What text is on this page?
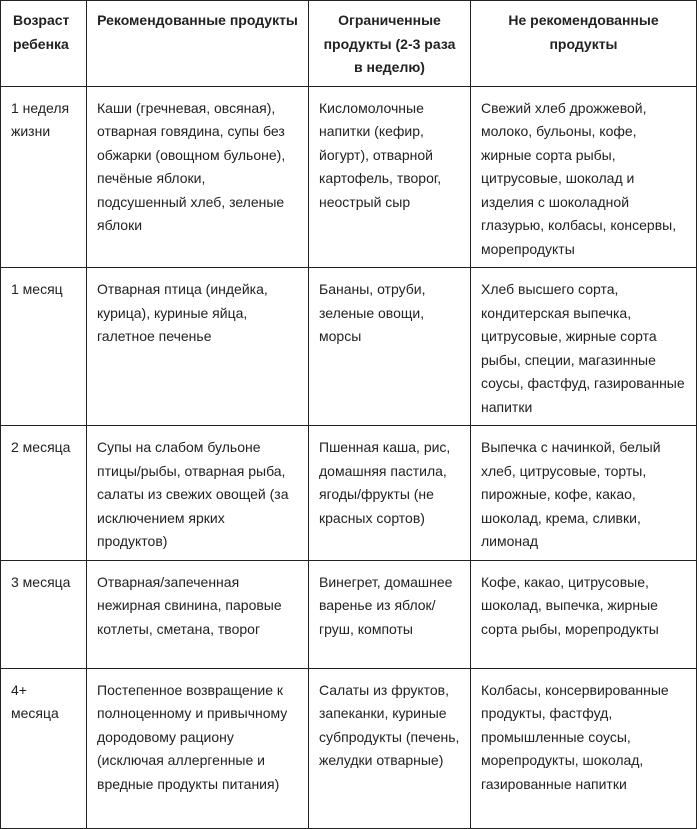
Возраст ребенка	Рекомендованные продукты	Ограниченные продукты (2-3 раза в неделю)	Не рекомендованные продукты
1 неделя жизни	Каши (гречневая, овсяная), отварная говядина, супы без обжарки (овощном бульоне), печёные яблоки, подсушенный хлеб, зеленые яблоки	Кисломолочные напитки (кефир, йогурт), отварной картофель, творог, неострый сыр	Свежий хлеб дрожжевой, молоко, бульоны, кофе, жирные сорта рыбы, цитрусовые, шоколад и изделия с шоколадной глазурью, колбасы, консервы, морепродукты
1 месяц	Отварная птица (индейка, курица), куриные яйца, галетное печенье	Бананы, отруби, зеленые овощи, морсы	Хлеб высшего сорта, кондитерская выпечка, цитрусовые, жирные сорта рыбы, специи, магазинные соусы, фастфуд, газированные напитки
2 месяца	Супы на слабом бульоне птицы/рыбы, отварная рыба, салаты из свежих овощей (за исключением ярких продуктов)	Пшенная каша, рис, домашняя пастила, ягоды/фрукты (не красных сортов)	Выпечка с начинкой, белый хлеб, цитрусовые, торты, пирожные, кофе, какао, шоколад, крема, сливки, лимонад
3 месяца	Отварная/запеченная нежирная свинина, паровые котлеты, сметана, творог	Винегрет, домашнее варенье из яблок/груш, компоты	Кофе, какао, цитрусовые, шоколад, выпечка, жирные сорта рыбы, морепродукты
4+ месяца	Постепенное возвращение к полноценному и привычному дородовому рациону (исключая аллергенные и вредные продукты питания)	Салаты из фруктов, запеканки, куриные субпродукты (печень, желудки отварные)	Колбасы, консервированные продукты, фастфуд, промышленные соусы, морепродукты, шоколад, газированные напитки
